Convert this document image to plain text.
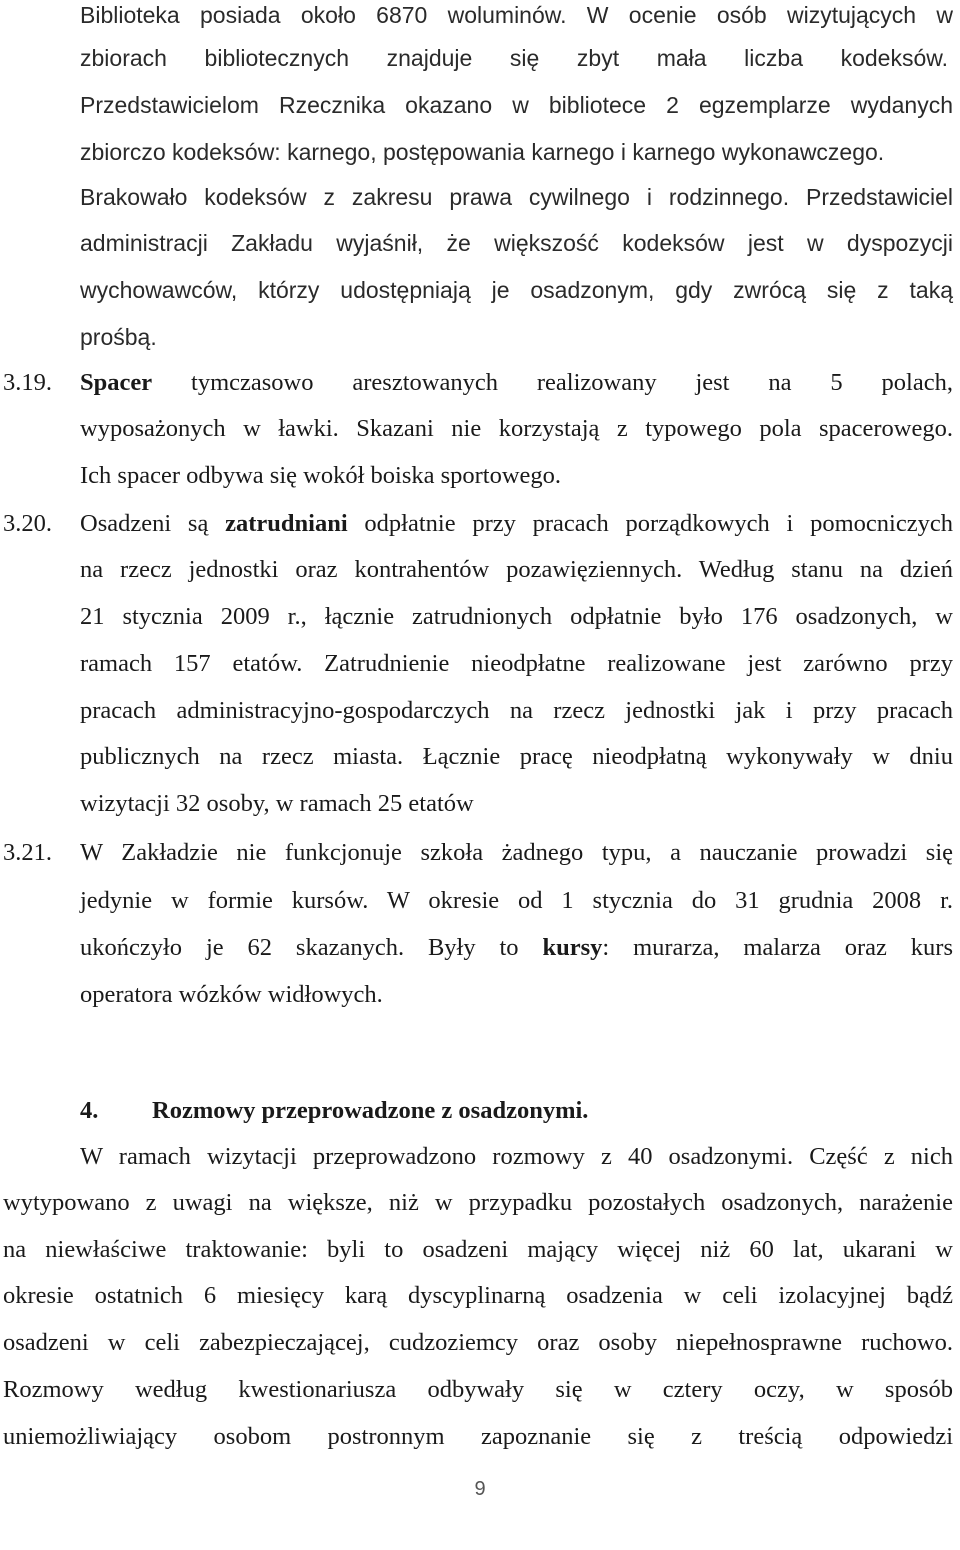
Biblioteka posiada około 6870 woluminów. W ocenie osób wizytujących w
zbiorach bibliotecznych znajduje się zbyt mała liczba kodeksów.
Przedstawicielom Rzecznika okazano w bibliotece 2 egzemplarze wydanych
zbiorczo kodeksów: karnego, postępowania karnego i karnego wykonawczego.
Brakowało kodeksów z zakresu prawa cywilnego i rodzinnego. Przedstawiciel
administracji Zakładu wyjaśnił, że większość kodeksów jest w dyspozycji
wychowawców, którzy udostępniają je osadzonym, gdy zwrócą się z taką
prośbą.
3.19. Spacer tymczasowo aresztowanych realizowany jest na 5 polach,
wyposażonych w ławki. Skazani nie korzystają z typowego pola spacerowego.
Ich spacer odbywa się wokół boiska sportowego.
3.20. Osadzeni są zatrudniani odpłatnie przy pracach porządkowych i pomocniczych
na rzecz jednostki oraz kontrahentów pozawięziennych. Według stanu na dzień
21 stycznia 2009 r., łącznie zatrudnionych odpłatnie było 176 osadzonych, w
ramach 157 etatów. Zatrudnienie nieodpłatne realizowane jest zarówno przy
pracach administracyjno-gospodarczych na rzecz jednostki jak i przy pracach
publicznych na rzecz miasta. Łącznie pracę nieodpłatną wykonywały w dniu
wizytacji 32 osoby, w ramach 25 etatów
3.21. W Zakładzie nie funkcjonuje szkoła żadnego typu, a nauczanie prowadzi się
jedynie w formie kursów. W okresie od 1 stycznia do 31 grudnia 2008 r.
ukończyło je 62 skazanych. Były to kursy: murarza, malarza oraz kurs
operatora wózków widłowych.
4. Rozmowy przeprowadzone z osadzonymi.
W ramach wizytacji przeprowadzono rozmowy z 40 osadzonymi. Część z nich
wytypowano z uwagi na większe, niż w przypadku pozostałych osadzonych, narażenie
na niewłaściwe traktowanie: byli to osadzeni mający więcej niż 60 lat, ukarani w
okresie ostatnich 6 miesięcy karą dyscyplinarną osadzenia w celi izolacyjnej bądź
osadzeni w celi zabezpieczającej, cudzoziemcy oraz osoby niepełnosprawne ruchowo.
Rozmowy według kwestionariusza odbywały się w cztery oczy, w sposób
uniemożliwiający osobom postronnym zapoznanie się z treścią odpowiedzi
9
